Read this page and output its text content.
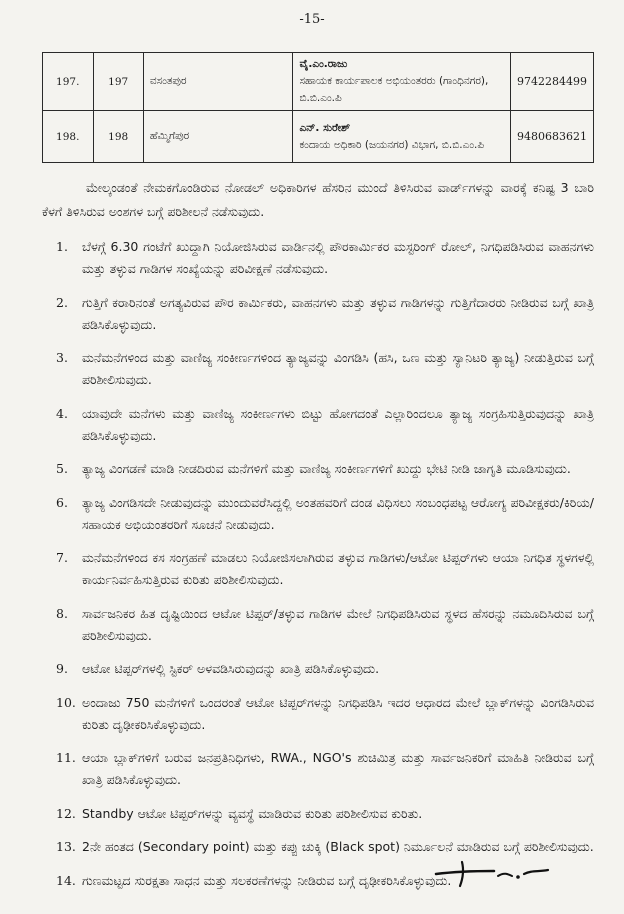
-15-
197.	197	ವಸಂತಪುರ	ವೈ.ಎಂ.ರಾಜು
ಸಹಾಯಕ ಕಾರ್ಯಪಾಲಕ ಅಭಿಯಂತರರು (ಗಾಂಧಿನಗರ), ಬಿ.ಬಿ.ಎಂ.ಪಿ	9742284499
198.	198	ಹೆಮ್ಮಿಗೆಪುರ	ಎನ್. ಸುರೇಶ್
ಕಂದಾಯ ಅಧಿಕಾರಿ (ಜಯನಗರ) ವಿಭಾಗ, ಬಿ.ಬಿ.ಎಂ.ಪಿ	9480683621

ಮೇಲ್ಕಂಡಂತೆ ನೇಮಕಗೊಂಡಿರುವ ನೋಡಲ್ ಅಧಿಕಾರಿಗಳ ಹೆಸರಿನ ಮುಂದೆ ತಿಳಿಸಿರುವ ವಾರ್ಡ್‌ಗಳನ್ನು ವಾರಕ್ಕೆ ಕನಿಷ್ಟ 3 ಬಾರಿ ಕೆಳಗೆ ತಿಳಿಸಿರುವ ಅಂಶಗಳ ಬಗ್ಗೆ ಪರಿಶೀಲನೆ ನಡೆಸುವುದು.

1. ಬೆಳಗ್ಗೆ 6.30 ಗಂಟೆಗೆ ಖುದ್ದಾಗಿ ನಿಯೋಜಿಸಿರುವ ವಾರ್ಡಿನಲ್ಲಿ ಪೌರಕಾರ್ಮಿಕರ ಮಸ್ಟರಿಂಗ್ ರೋಲ್, ನಿಗಧಿಪಡಿಸಿರುವ ವಾಹನಗಳು ಮತ್ತು ತಳ್ಳುವ ಗಾಡಿಗಳ ಸಂಖ್ಯೆಯನ್ನು ಪರಿವೀಕ್ಷಣೆ ನಡೆಸುವುದು.
2. ಗುತ್ತಿಗೆ ಕರಾರಿನಂತೆ ಅಗತ್ಯವಿರುವ ಪೌರ ಕಾರ್ಮಿಕರು, ವಾಹನಗಳು ಮತ್ತು ತಳ್ಳುವ ಗಾಡಿಗಳನ್ನು ಗುತ್ತಿಗೆದಾರರು ನೀಡಿರುವ ಬಗ್ಗೆ ಖಾತ್ರಿ ಪಡಿಸಿಕೊಳ್ಳುವುದು.
3. ಮನೆಮನೆಗಳಿಂದ ಮತ್ತು ವಾಣಿಜ್ಯ ಸಂಕೀರ್ಣಗಳಿಂದ ತ್ಯಾಜ್ಯವನ್ನು ವಿಂಗಡಿಸಿ (ಹಸಿ, ಒಣ ಮತ್ತು ಸ್ಯಾನಿಟರಿ ತ್ಯಾಜ್ಯ) ನೀಡುತ್ತಿರುವ ಬಗ್ಗೆ ಪರಿಶೀಲಿಸುವುದು.
4. ಯಾವುದೇ ಮನೆಗಳು ಮತ್ತು ವಾಣಿಜ್ಯ ಸಂಕೀರ್ಣಗಳು ಬಿಟ್ಟು ಹೋಗದಂತೆ ಎಲ್ಲಾರಿಂದಲೂ ತ್ಯಾಜ್ಯ ಸಂಗ್ರಹಿಸುತ್ತಿರುವುದನ್ನು ಖಾತ್ರಿ ಪಡಿಸಿಕೊಳ್ಳುವುದು.
5. ತ್ಯಾಜ್ಯ ವಿಂಗಡಣೆ ಮಾಡಿ ನೀಡದಿರುವ ಮನೆಗಳಿಗೆ ಮತ್ತು ವಾಣಿಜ್ಯ ಸಂಕೀರ್ಣಗಳಿಗೆ ಖುದ್ದು ಭೇಟಿ ನೀಡಿ ಜಾಗೃತಿ ಮೂಡಿಸುವುದು.
6. ತ್ಯಾಜ್ಯ ವಿಂಗಡಿಸದೇ ನೀಡುವುದನ್ನು ಮುಂದುವರೆಸಿದ್ದಲ್ಲಿ ಅಂತಹವರಿಗೆ ದಂಡ ವಿಧಿಸಲು ಸಂಬಂಧಪಟ್ಟ ಆರೋಗ್ಯ ಪರಿವೀಕ್ಷಕರು/ಕಿರಿಯ/ಸಹಾಯಕ ಅಭಿಯಂತರರಿಗೆ ಸೂಚನೆ ನೀಡುವುದು.
7. ಮನೆಮನೆಗಳಿಂದ ಕಸ ಸಂಗ್ರಹಣೆ ಮಾಡಲು ನಿಯೋಜಿಸಲಾಗಿರುವ ತಳ್ಳುವ ಗಾಡಿಗಳು/ಆಟೋ ಟಿಪ್ಪರ್‌ಗಳು ಆಯಾ ನಿಗಧಿತ ಸ್ಥಳಗಳಲ್ಲಿ ಕಾರ್ಯನಿರ್ವಹಿಸುತ್ತಿರುವ ಕುರಿತು ಪರಿಶೀಲಿಸುವುದು.
8. ಸಾರ್ವಜನಿಕರ ಹಿತ ದೃಷ್ಟಿಯಿಂದ ಆಟೋ ಟಿಪ್ಪರ್/ತಳ್ಳುವ ಗಾಡಿಗಳ ಮೇಲೆ ನಿಗಧಿಪಡಿಸಿರುವ ಸ್ಥಳದ ಹೆಸರನ್ನು ನಮೂದಿಸಿರುವ ಬಗ್ಗೆ ಪರಿಶೀಲಿಸುವುದು.
9. ಆಟೋ ಟಿಪ್ಪರ್‌ಗಳಲ್ಲಿ ಸ್ಟಿಕರ್ ಅಳವಡಿಸಿರುವುದನ್ನು ಖಾತ್ರಿ ಪಡಿಸಿಕೊಳ್ಳುವುದು.
10. ಅಂದಾಜು 750 ಮನೆಗಳಿಗೆ ಒಂದರಂತೆ ಆಟೋ ಟಿಪ್ಪರ್‌ಗಳನ್ನು ನಿಗಧಿಪಡಿಸಿ ಇದರ ಆಧಾರದ ಮೇಲೆ ಬ್ಲಾಕ್‌ಗಳನ್ನು ವಿಂಗಡಿಸಿರುವ ಕುರಿತು ದೃಢೀಕರಿಸಿಕೊಳ್ಳುವುದು.
11. ಆಯಾ ಬ್ಲಾಕ್‌ಗಳಿಗೆ ಬರುವ ಜನಪ್ರತಿನಿಧಿಗಳು, RWA., NGO's ಶುಚಿಮಿತ್ರ ಮತ್ತು ಸಾರ್ವಜನಿಕರಿಗೆ ಮಾಹಿತಿ ನೀಡಿರುವ ಬಗ್ಗೆ ಖಾತ್ರಿ ಪಡಿಸಿಕೊಳ್ಳುವುದು.
12. Standby ಆಟೋ ಟಿಪ್ಪರ್‌ಗಳನ್ನು ವ್ಯವಸ್ಥೆ ಮಾಡಿರುವ ಕುರಿತು ಪರಿಶೀಲಿಸುವ ಕುರಿತು.
13. 2ನೇ ಹಂತದ (Secondary point) ಮತ್ತು ಕಪ್ಪು ಚುಕ್ಕಿ (Black spot) ನಿರ್ಮೂಲನೆ ಮಾಡಿರುವ ಬಗ್ಗೆ ಪರಿಶೀಲಿಸುವುದು.
14. ಗುಣಮಟ್ಟದ ಸುರಕ್ಷತಾ ಸಾಧನ ಮತ್ತು ಸಲಕರಣೆಗಳನ್ನು ನೀಡಿರುವ ಬಗ್ಗೆ ದೃಢೀಕರಿಸಿಕೊಳ್ಳುವುದು.
